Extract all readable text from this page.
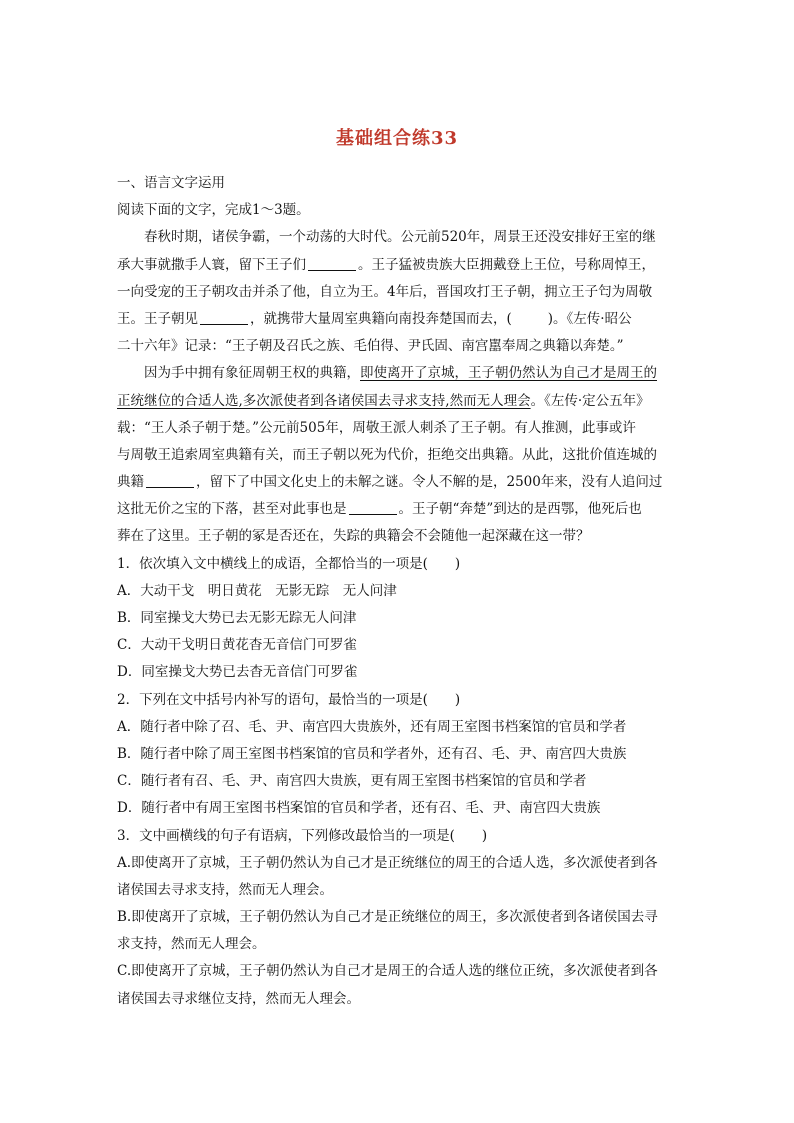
基础组合练33
一、语言文字运用
阅读下面的文字，完成1～3题。
春秋时期，诸侯争霸，一个动荡的大时代。公元前520年，周景王还没安排好王室的继
承大事就撒手人寰，留下王子们	。王子猛被贵族大臣拥戴登上王位，号称周悼王，
一向受宠的王子朝攻击并杀了他，自立为王。4年后，晋国攻打王子朝，拥立王子匄为周敬
王。王子朝见	，就携带大量周室典籍向南投奔楚国而去，(	)。《左传·昭公
二十六年》记录：“王子朝及召氏之族、毛伯得、尹氏固、南宫嚚奉周之典籍以奔楚。”
因为手中拥有象征周朝王权的典籍，即使离开了京城，王子朝仍然认为自己才是周王的
正统继位的合适人选,多次派使者到各诸侯国去寻求支持,然而无人理会。《左传·定公五年》
载：“王人杀子朝于楚。”公元前505年，周敬王派人刺杀了王子朝。有人推测，此事或许
与周敬王追索周室典籍有关，而王子朝以死为代价，拒绝交出典籍。从此，这批价值连城的
典籍	，留下了中国文化史上的未解之谜。令人不解的是，2500年来，没有人追问过
这批无价之宝的下落，甚至对此事也是	。王子朝“奔楚”到达的是西鄂，他死后也
葬在了这里。王子朝的冢是否还在，失踪的典籍会不会随他一起深藏在这一带？
1．依次填入文中横线上的成语，全都恰当的一项是(　　)
A．大动干戈　明日黄花　无影无踪　无人问津
B．同室操戈大势已去无影无踪无人问津
C．大动干戈明日黄花杳无音信门可罗雀
D．同室操戈大势已去杳无音信门可罗雀
2．下列在文中括号内补写的语句，最恰当的一项是(　　)
A．随行者中除了召、毛、尹、南宫四大贵族外，还有周王室图书档案馆的官员和学者
B．随行者中除了周王室图书档案馆的官员和学者外，还有召、毛、尹、南宫四大贵族
C．随行者有召、毛、尹、南宫四大贵族，更有周王室图书档案馆的官员和学者
D．随行者中有周王室图书档案馆的官员和学者，还有召、毛、尹、南宫四大贵族
3．文中画横线的句子有语病，下列修改最恰当的一项是(　　)
A.即使离开了京城，王子朝仍然认为自己才是正统继位的周王的合适人选，多次派使者到各
诸侯国去寻求支持，然而无人理会。
B.即使离开了京城，王子朝仍然认为自己才是正统继位的周王，多次派使者到各诸侯国去寻
求支持，然而无人理会。
C.即使离开了京城，王子朝仍然认为自己才是周王的合适人选的继位正统，多次派使者到各
诸侯国去寻求继位支持，然而无人理会。
